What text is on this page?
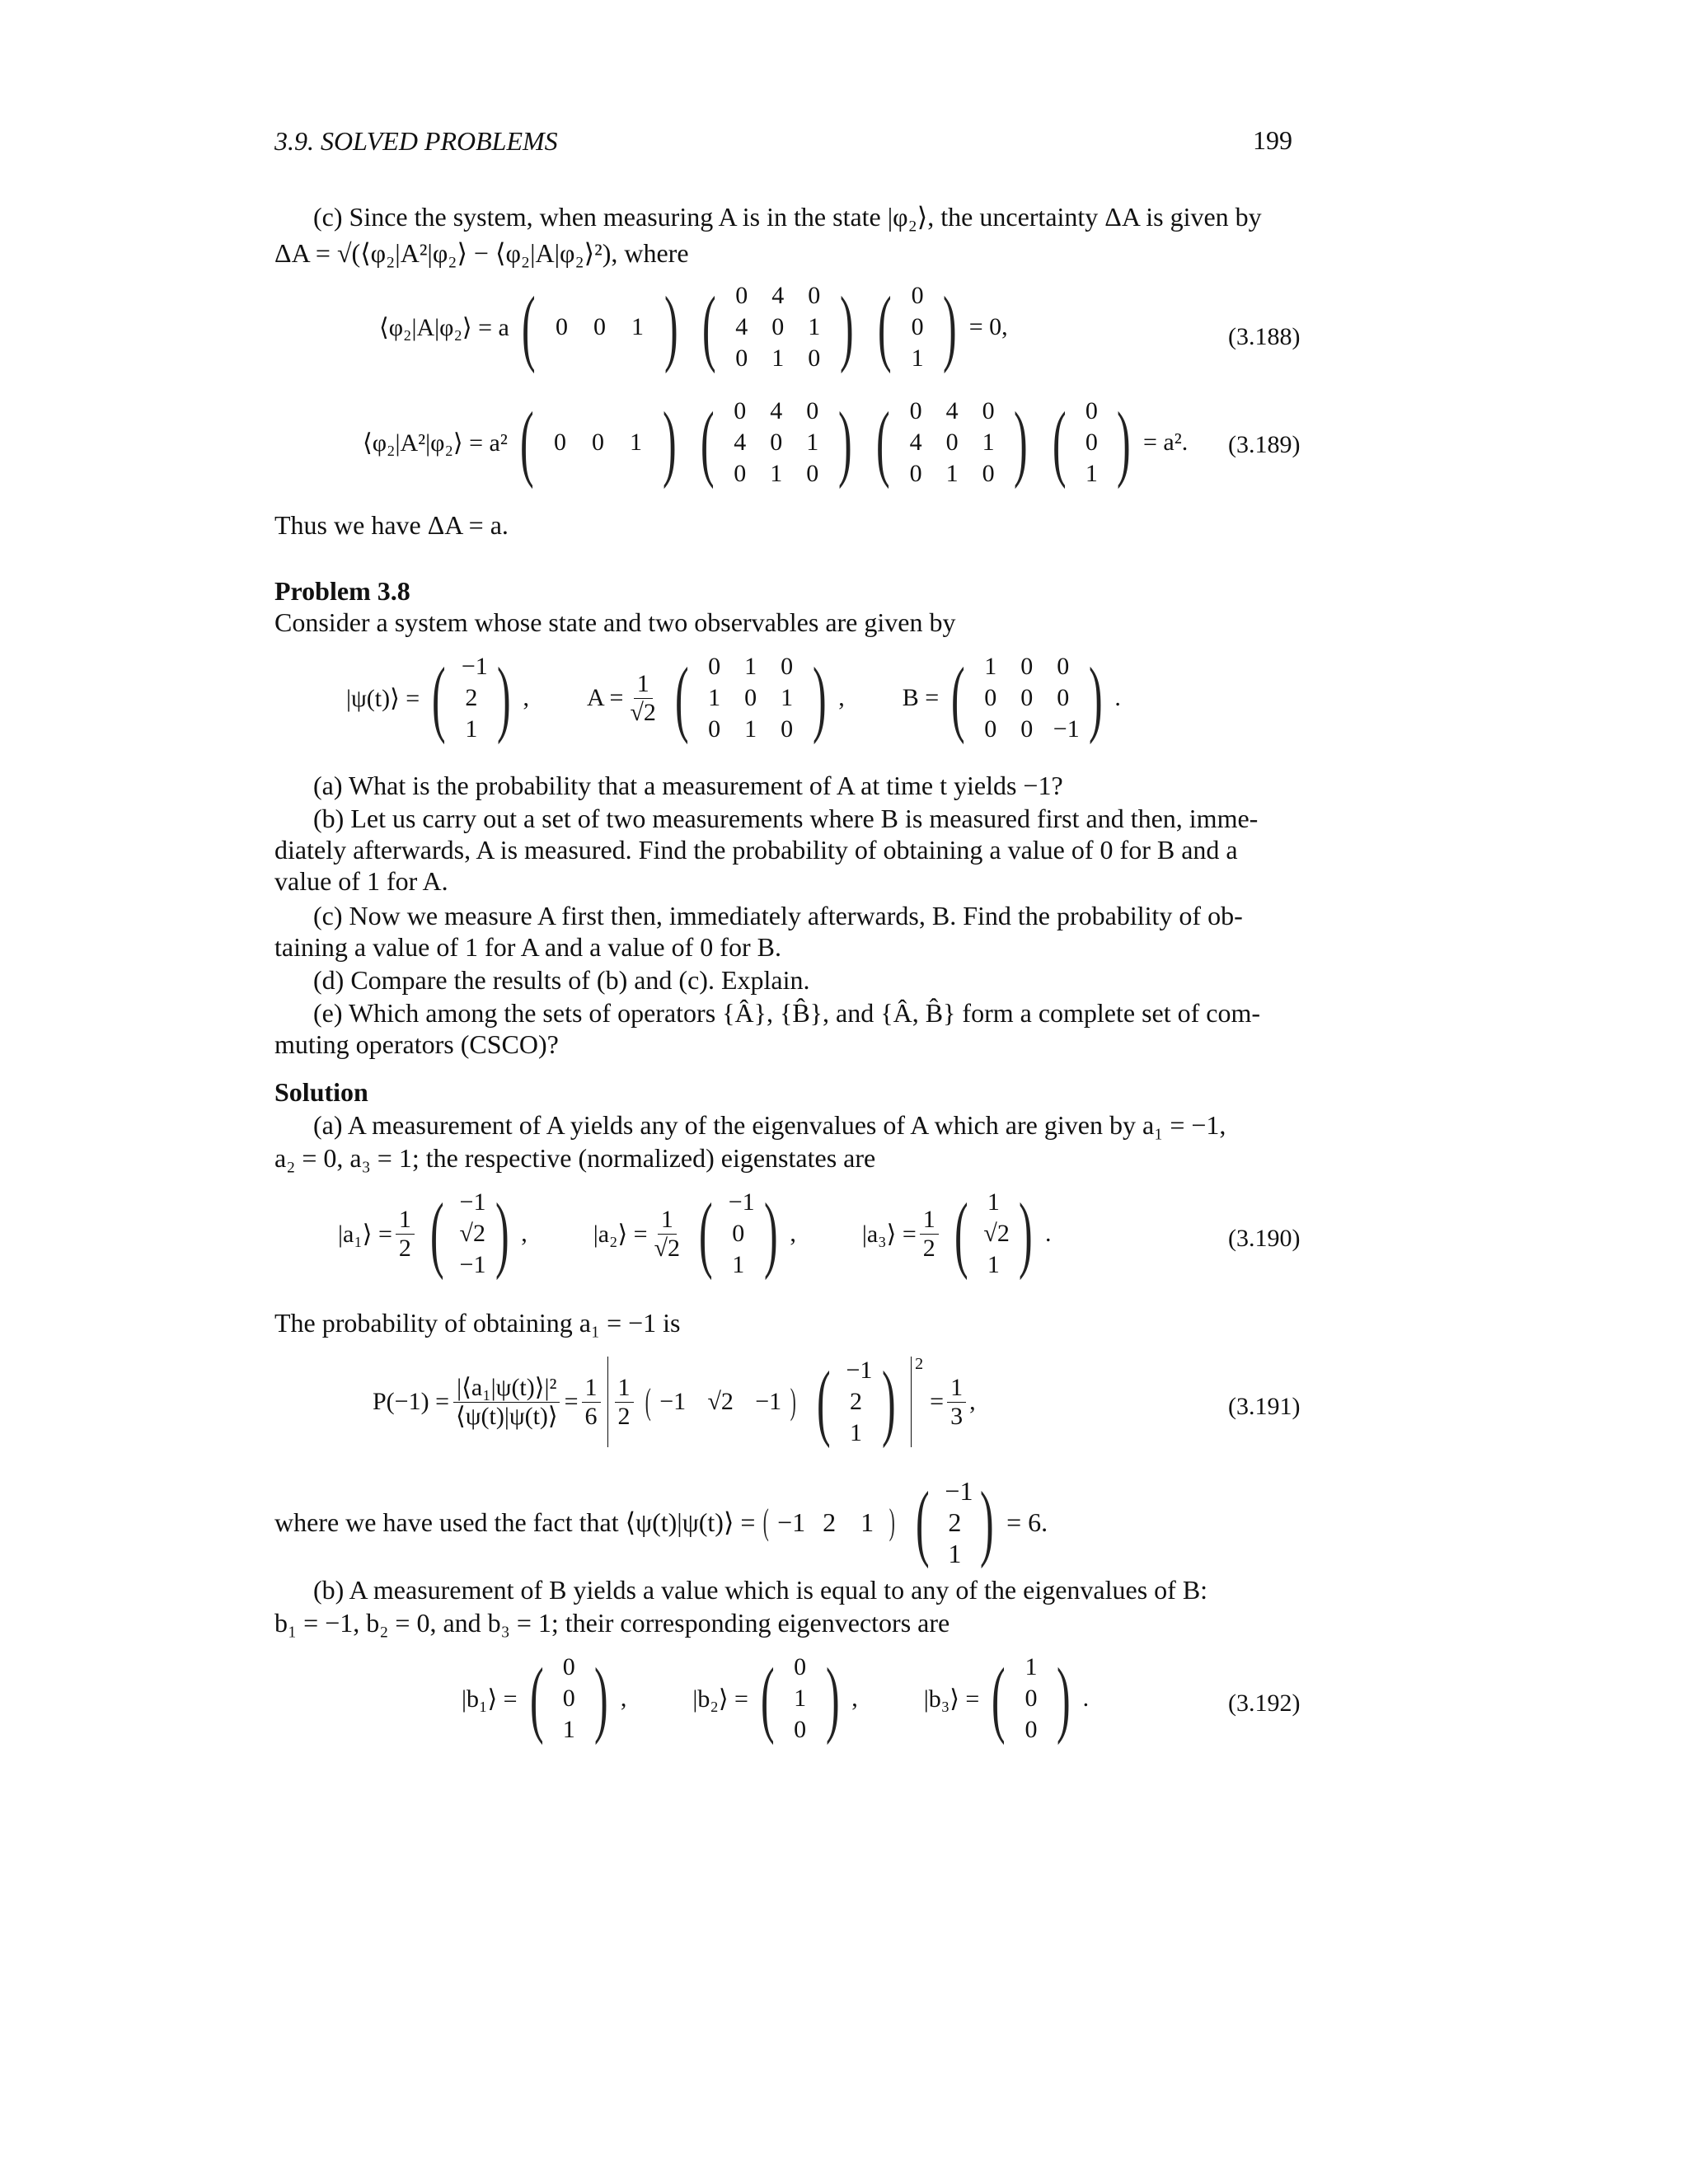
3.9. SOLVED PROBLEMS	199
(c) Since the system, when measuring A is in the state |φ₂⟩, the uncertainty ΔA is given by
ΔA = √(⟨φ₂|A²|φ₂⟩ − ⟨φ₂|A|φ₂⟩²), where
⟨φ₂|A|φ₂⟩ = a ( 0	0	1 ) ( 0 4 0
4 0 1
0 1 0 ) ( 0
0
1 ) = 0,	(3.188)
⟨φ₂|A²|φ₂⟩ = a² ( 0	0	1 ) ( 0 4 0
4 0 1
0 1 0 ) ( 0 4 0
4 0 1
0 1 0 ) ( 0
0
1 ) = a². (3.189)
Thus we have ΔA = a.
Problem 3.8
Consider a system whose state and two observables are given by
|ψ(t)⟩ = ( −1
2
1 ) , $A = \frac{1}{√2}$ ( 0 1 0
1 0 1
0 1 0 ) , B = ( 1 0 0
0 0 0
0 0 −1 ) .
(a) What is the probability that a measurement of A at time t yields −1?
(b) Let us carry out a set of two measurements where B is measured first and then, imme-
diately afterwards, A is measured. Find the probability of obtaining a value of 0 for B and a
value of 1 for A.
(c) Now we measure A first then, immediately afterwards, B. Find the probability of ob-
taining a value of 1 for A and a value of 0 for B.
(d) Compare the results of (b) and (c). Explain.
(e) Which among the sets of operators {Â}, {B̂}, and {Â, B̂} form a complete set of com-
muting operators (CSCO)?
Solution
(a) A measurement of A yields any of the eigenvalues of A which are given by a₁ = −1,
a₂ = 0, a₃ = 1; the respective (normalized) eigenstates are
|a₁⟩ = $\frac{1}{2}$ ( −1
√2
−1 ) ,	|a₂⟩ = $\frac{1}{√2}$ ( −1
0
1 ) ,	|a₃⟩ = $\frac{1}{2}$ ( 1
√2
1 ) .	(3.190)
The probability of obtaining a₁ = −1 is
$P(-1) = \frac{\text{|⟨a₁|ψ(t)⟩|²}}{⟨\psi(t)|\psi(t)⟩} = \frac{1}{6} \frac{1}{2}$ ( −1 √2 −1 ) ( −1
2
1 ) $^2$
= $\frac{1}{3}$ ,	(3.191)
where we have used the fact that ⟨ψ(t)|ψ(t)⟩ = ( −1 2 1 ) ( −1
2
1 ) = 6.
(b) A measurement of B yields a value which is equal to any of the eigenvalues of B:
b₁ = −1, b₂ = 0, and b₃ = 1; their corresponding eigenvectors are
|b₁⟩ = ( 0
0
1 ) ,	|b₂⟩ = ( 0
1
0 ) ,	|b₃⟩ = ( 1
0
0 ) .	(3.192)
